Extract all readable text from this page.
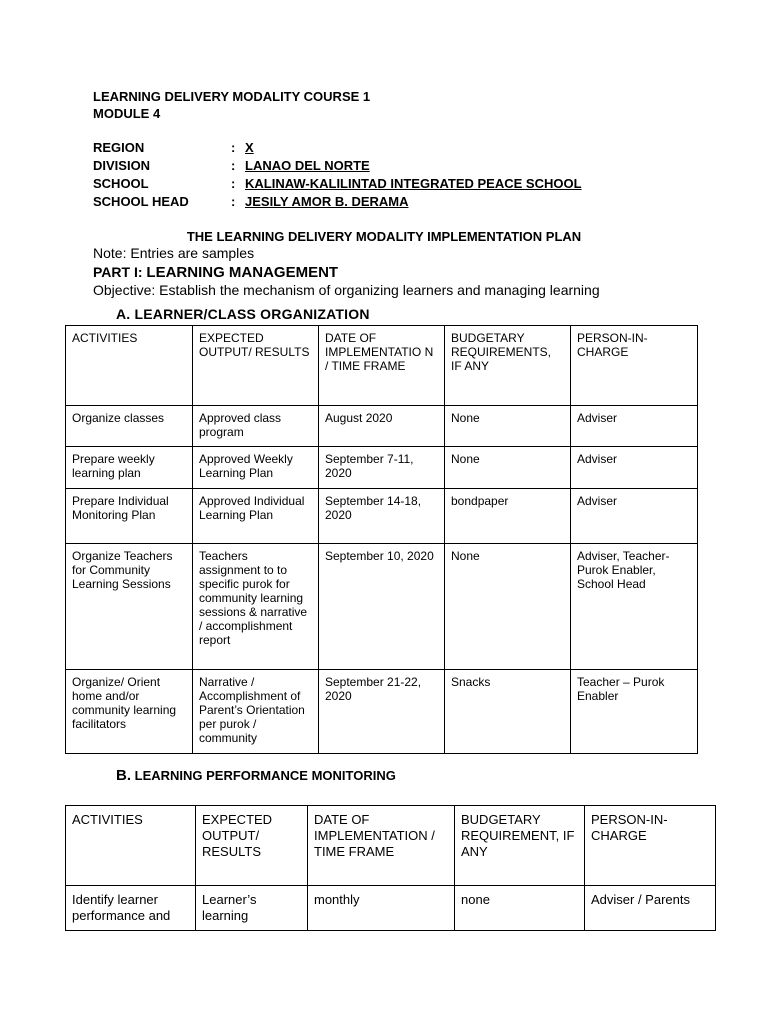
LEARNING DELIVERY MODALITY COURSE 1
MODULE 4
REGION	: X
DIVISION	: LANAO DEL NORTE
SCHOOL	: KALINAW-KALILINTAD INTEGRATED PEACE SCHOOL
SCHOOL HEAD	: JESILY AMOR B. DERAMA
THE LEARNING DELIVERY MODALITY IMPLEMENTATION PLAN
Note: Entries are samples
PART I: LEARNING MANAGEMENT
Objective: Establish the mechanism of organizing learners and managing learning
A. LEARNER/CLASS ORGANIZATION
ACTIVITIES	EXPECTED OUTPUT/ RESULTS	DATE OF IMPLEMENTATIO N / TIME FRAME	BUDGETARY REQUIREMENTS, IF ANY	PERSON-IN-CHARGE
Organize classes	Approved class program	August 2020	None	Adviser
Prepare weekly learning plan	Approved Weekly Learning Plan	September 7-11, 2020	None	Adviser
Prepare Individual Monitoring Plan	Approved Individual Learning Plan	September 14-18, 2020	bondpaper	Adviser
Organize Teachers for Community Learning Sessions	Teachers assignment to to specific purok for community learning sessions & narrative / accomplishment report	September 10, 2020	None	Adviser, Teacher-Purok Enabler, School Head
Organize/ Orient home and/or community learning facilitators	Narrative / Accomplishment of Parent’s Orientation per purok / community	September 21-22, 2020	Snacks	Teacher – Purok Enabler
B. LEARNING PERFORMANCE MONITORING
ACTIVITIES	EXPECTED OUTPUT/ RESULTS	DATE OF IMPLEMENTATION / TIME FRAME	BUDGETARY REQUIREMENT, IF ANY	PERSON-IN-CHARGE
Identify learner performance and	Learner’s learning	monthly	none	Adviser / Parents
